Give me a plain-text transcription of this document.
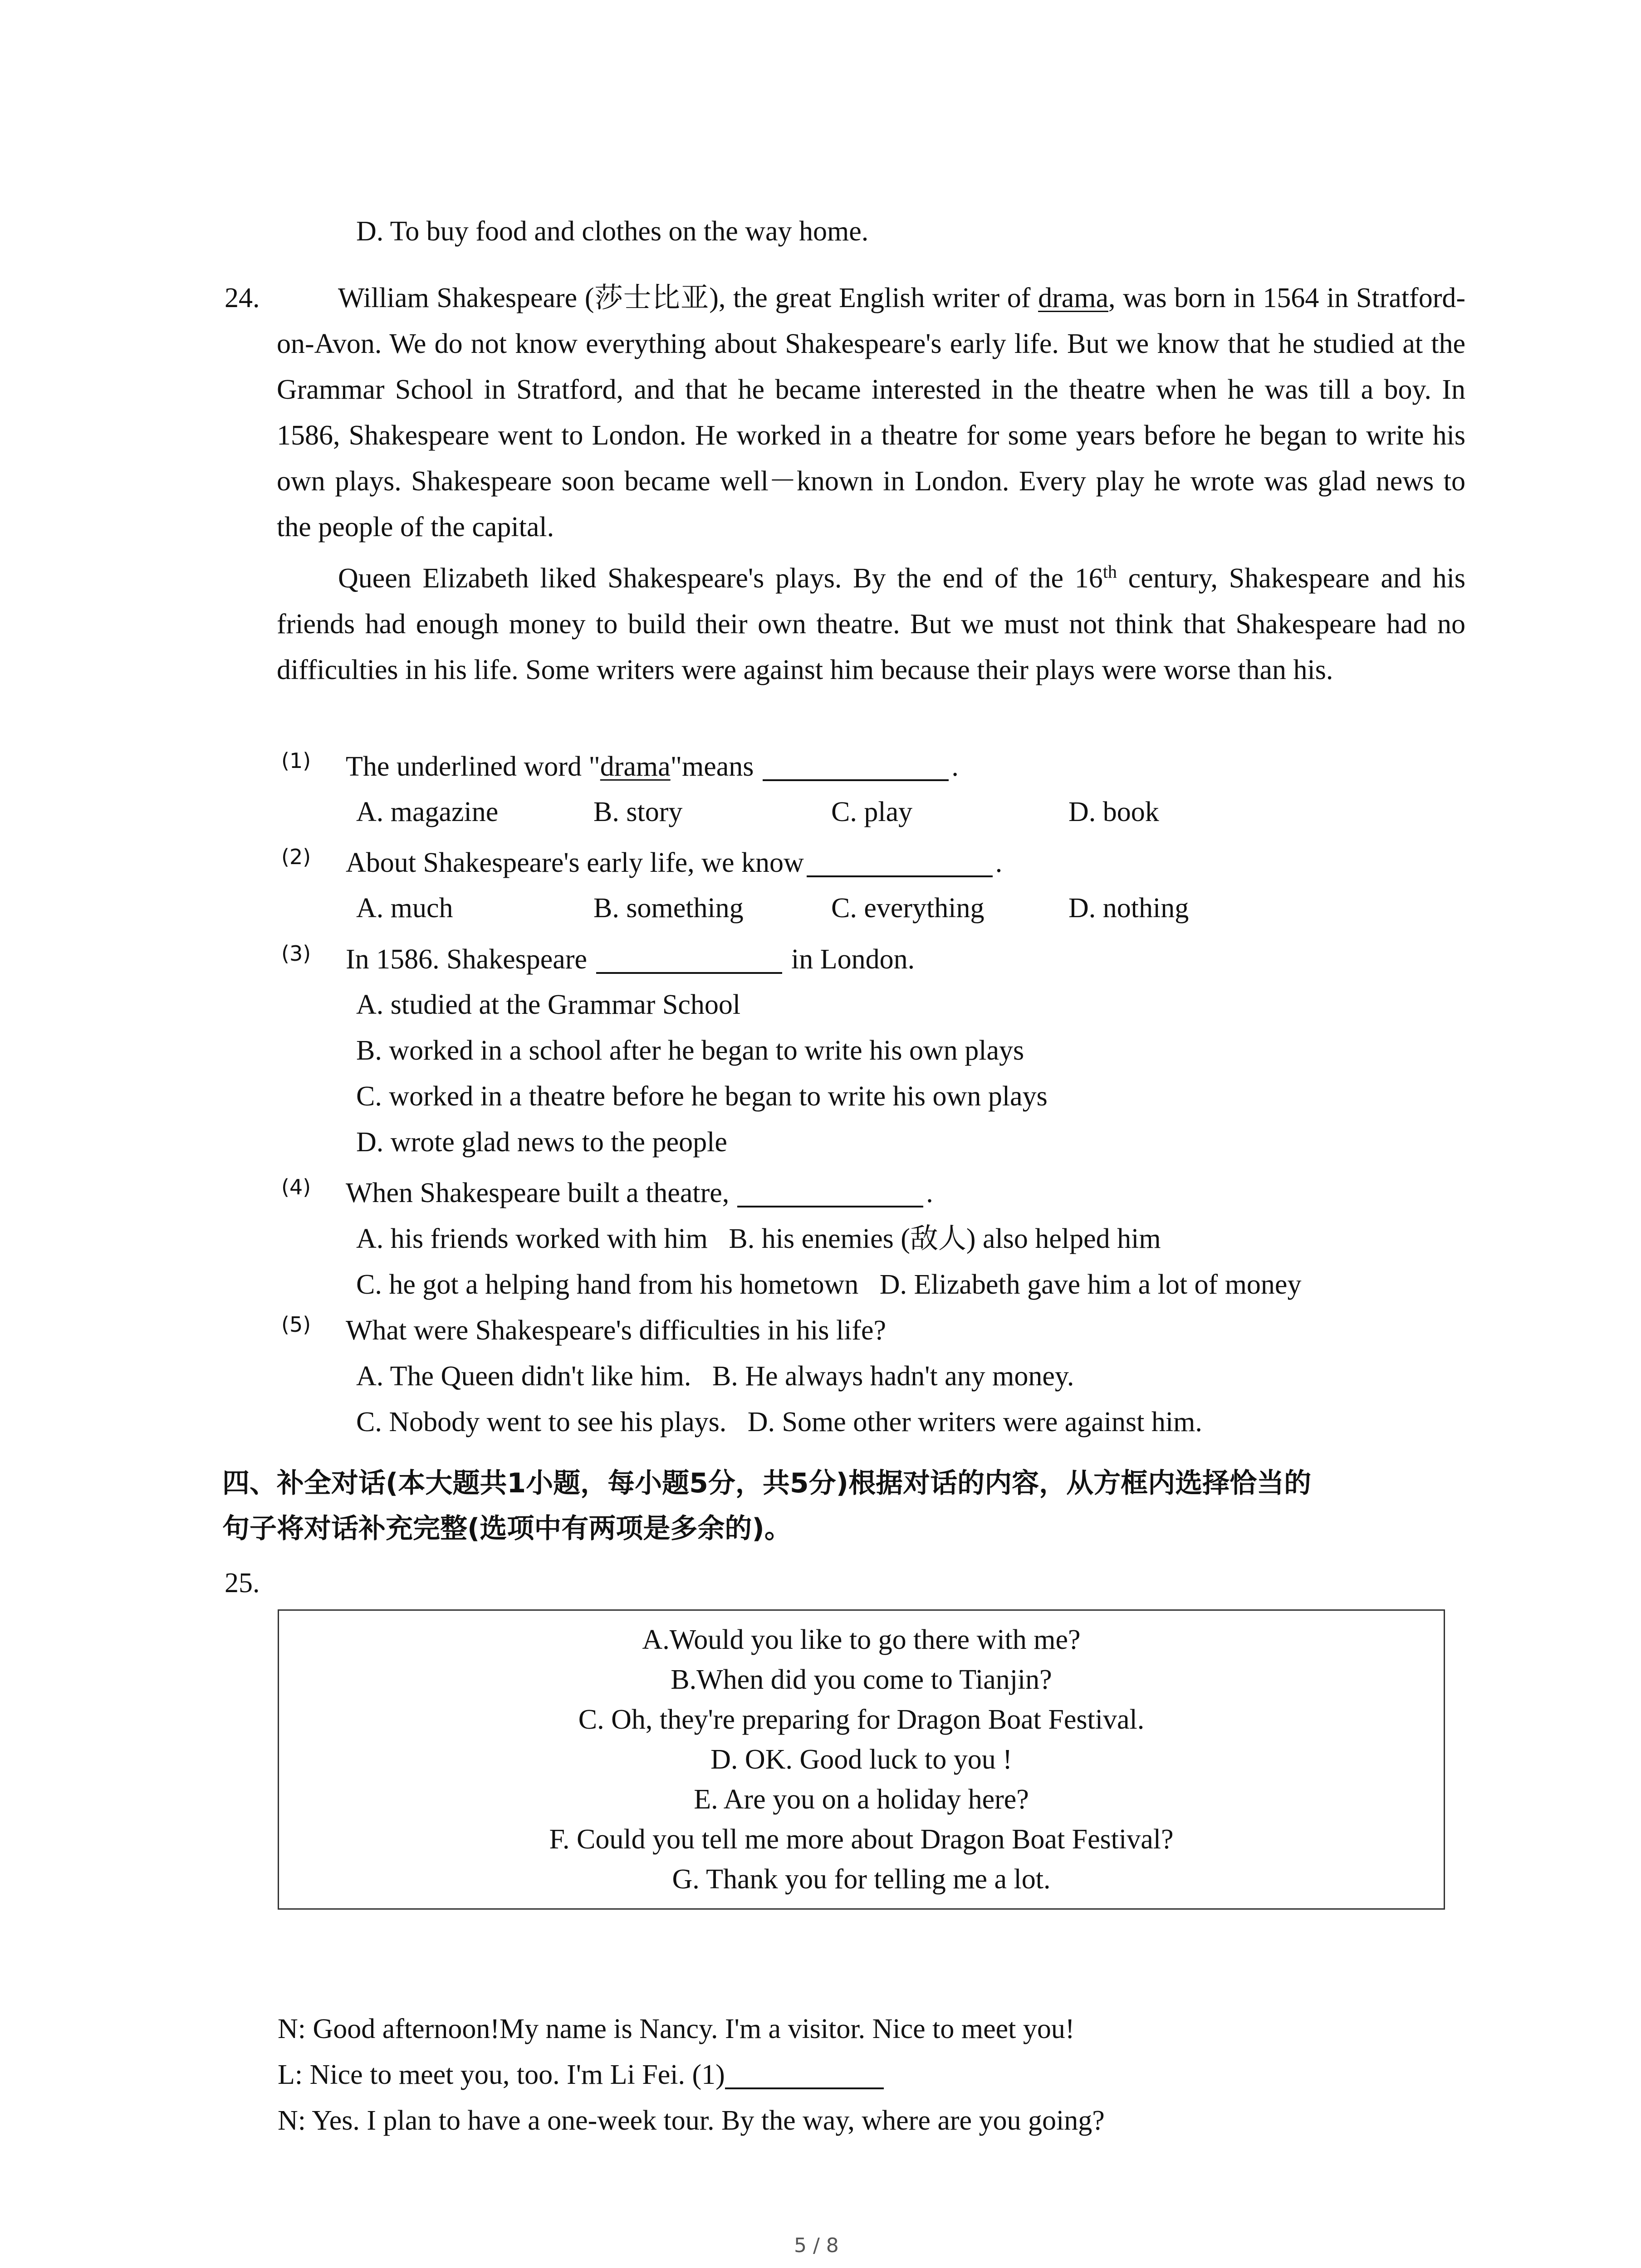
D. To buy food and clothes on the way home.
24.	William Shakespeare (莎士比亚), the great English writer of drama, was born in 1564 in Stratford-on-Avon. We do not know everything about Shakespeare's early life. But we know that he studied at the Grammar School in Stratford, and that he became interested in the theatre when he was till a boy. In 1586, Shakespeare went to London. He worked in a theatre for some years before he began to write his own plays. Shakespeare soon became well－known in London. Every play he wrote was glad news to the people of the capital.

Queen Elizabeth liked Shakespeare's plays. By the end of the 16th century, Shakespeare and his friends had enough money to build their own theatre. But we must not think that Shakespeare had no difficulties in his life. Some writers were against him because their plays were worse than his.

(1) The underlined word "drama"means	.
A. magazine	B. story	C. play	D. book
(2) About Shakespeare's early life, we know	.
A. much	B. something	C. everything	D. nothing
(3) In 1586. Shakespeare	in London.
A. studied at the Grammar School
B. worked in a school after he began to write his own plays
C. worked in a theatre before he began to write his own plays
D. wrote glad news to the people
(4) When Shakespeare built a theatre,	.
A. his friends worked with him   B. his enemies (敌人) also helped him
C. he got a helping hand from his hometown   D. Elizabeth gave him a lot of money
(5) What were Shakespeare's difficulties in his life?
A. The Queen didn't like him.   B. He always hadn't any money.
C. Nobody went to see his plays.   D. Some other writers were against him.
四、补全对话(本大题共1小题，每小题5分，共5分)根据对话的内容，从方框内选择恰当的
句子将对话补充完整(选项中有两项是多余的)。
25.
A.Would you like to go there with me?
B.When did you come to Tianjin?
C. Oh, they're preparing for Dragon Boat Festival.
D. OK. Good luck to you !
E. Are you on a holiday here?
F. Could you tell me more about Dragon Boat Festival?
G. Thank you for telling me a lot.
N: Good afternoon!My name is Nancy. I'm a visitor. Nice to meet you!
L: Nice to meet you, too. I'm Li Fei. (1)
N: Yes. I plan to have a one-week tour. By the way, where are you going?
5 / 8
